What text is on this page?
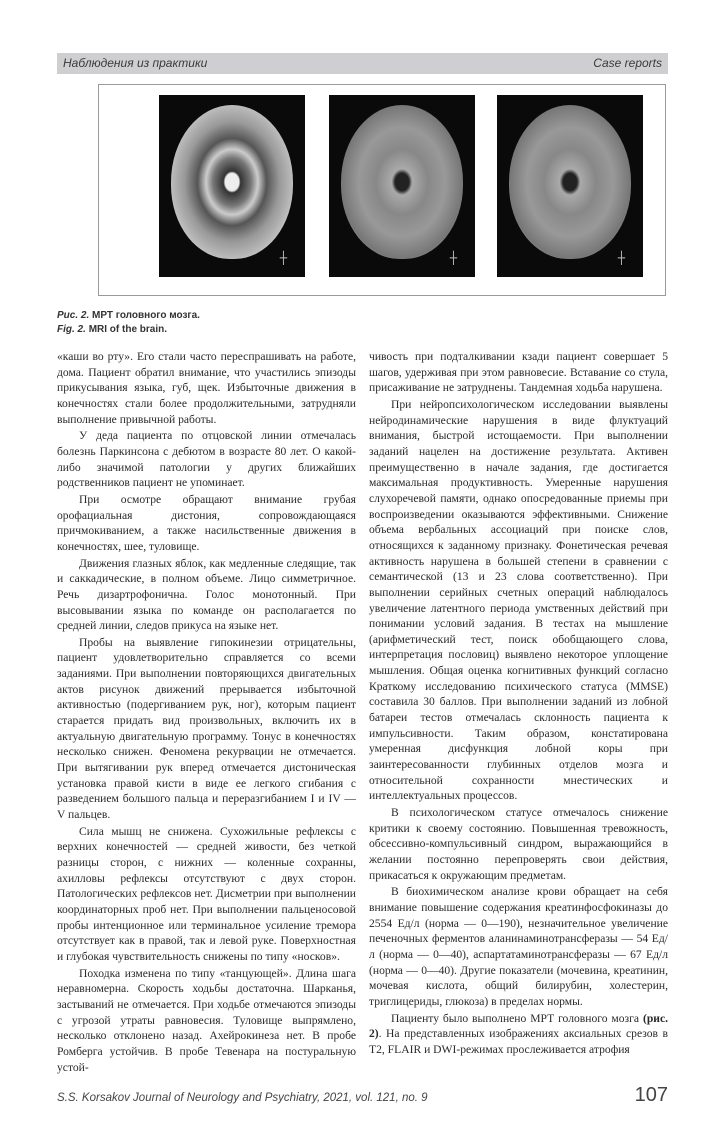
Наблюдения из практики	Case reports
┼	┼	┼
Рис. 2. МРТ головного мозга.
Fig. 2. MRI of the brain.

«каши во рту». Его стали часто переспрашивать на работе, дома. Пациент обратил внимание, что участились эпизоды прикусывания языка, губ, щек. Избыточные движения в конечностях стали более продолжительными, затрудняли выполнение привычной работы.

У деда пациента по отцовской линии отмечалась болезнь Паркинсона с дебютом в возрасте 80 лет. О какой-либо значимой патологии у других ближайших родственников пациент не упоминает.

При осмотре обращают внимание грубая орофациальная дистония, сопровождающаяся причмокиванием, а также насильственные движения в конечностях, шее, туловище.

Движения глазных яблок, как медленные следящие, так и саккадические, в полном объеме. Лицо симметричное. Речь дизартрофонична. Голос монотонный. При высовывании языка по команде он располагается по средней линии, следов прикуса на языке нет.

Пробы на выявление гипокинезии отрицательны, пациент удовлетворительно справляется со всеми заданиями. При выполнении повторяющихся двигательных актов рисунок движений прерывается избыточной активностью (подергиванием рук, ног), которым пациент старается придать вид произвольных, включить их в актуальную двигательную программу. Тонус в конечностях несколько снижен. Феномена рекурвации не отмечается. При вытягивании рук вперед отмечается дистоническая установка правой кисти в виде ее легкого сгибания с разведением большого пальца и переразгибанием I и IV — V пальцев.

Сила мышц не снижена. Сухожильные рефлексы с верхних конечностей — средней живости, без четкой разницы сторон, с нижних — коленные сохранны, ахилловы рефлексы отсутствуют с двух сторон. Патологических рефлексов нет. Дисметрии при выполнении координаторных проб нет. При выполнении пальценосовой пробы интенционное или терминальное усиление тремора отсутствует как в правой, так и левой руке. Поверхностная и глубокая чувствительность снижены по типу «носков».

Походка изменена по типу «танцующей». Длина шага неравномерна. Скорость ходьбы достаточна. Шарканья, застываний не отмечается. При ходьбе отмечаются эпизоды с угрозой утраты равновесия. Туловище выпрямлено, несколько отклонено назад. Ахейрокинеза нет. В пробе Ромберга устойчив. В пробе Тевенара на постуральную устой-

чивость при подталкивании кзади пациент совершает 5 шагов, удерживая при этом равновесие. Вставание со стула, присаживание не затруднены. Тандемная ходьба нарушена.

При нейропсихологическом исследовании выявлены нейродинамические нарушения в виде флуктуаций внимания, быстрой истощаемости. При выполнении заданий нацелен на достижение результата. Активен преимущественно в начале задания, где достигается максимальная продуктивность. Умеренные нарушения слухоречевой памяти, однако опосредованные приемы при воспроизведении оказываются эффективными. Снижение объема вербальных ассоциаций при поиске слов, относящихся к заданному признаку. Фонетическая речевая активность нарушена в большей степени в сравнении с семантической (13 и 23 слова соответственно). При выполнении серийных счетных операций наблюдалось увеличение латентного периода умственных действий при понимании условий задания. В тестах на мышление (арифметический тест, поиск обобщающего слова, интерпретация пословиц) выявлено некоторое уплощение мышления. Общая оценка когнитивных функций согласно Краткому исследованию психического статуса (MMSE) составила 30 баллов. При выполнении заданий из лобной батареи тестов отмечалась склонность пациента к импульсивности. Таким образом, констатирована умеренная дисфункция лобной коры при заинтересованности глубинных отделов мозга и относительной сохранности мнестических и интеллектуальных процессов.

В психологическом статусе отмечалось снижение критики к своему состоянию. Повышенная тревожность, обсессивно-компульсивный синдром, выражающийся в желании постоянно перепроверять свои действия, прикасаться к окружающим предметам.

В биохимическом анализе крови обращает на себя внимание повышение содержания креатинфосфокиназы до 2554 Ед/л (норма — 0—190), незначительное увеличение печеночных ферментов аланинаминотрансферазы — 54 Ед/л (норма — 0—40), аспартатаминотрансферазы — 67 Ед/л (норма — 0—40). Другие показатели (мочевина, креатинин, мочевая кислота, общий билирубин, холестерин, триглицериды, глюкоза) в пределах нормы.

Пациенту было выполнено МРТ головного мозга (рис. 2). На представленных изображениях аксиальных срезов в T2, FLAIR и DWI-режимах прослеживается атрофия

S.S. Korsakov Journal of Neurology and Psychiatry, 2021, vol. 121, no. 9	107
